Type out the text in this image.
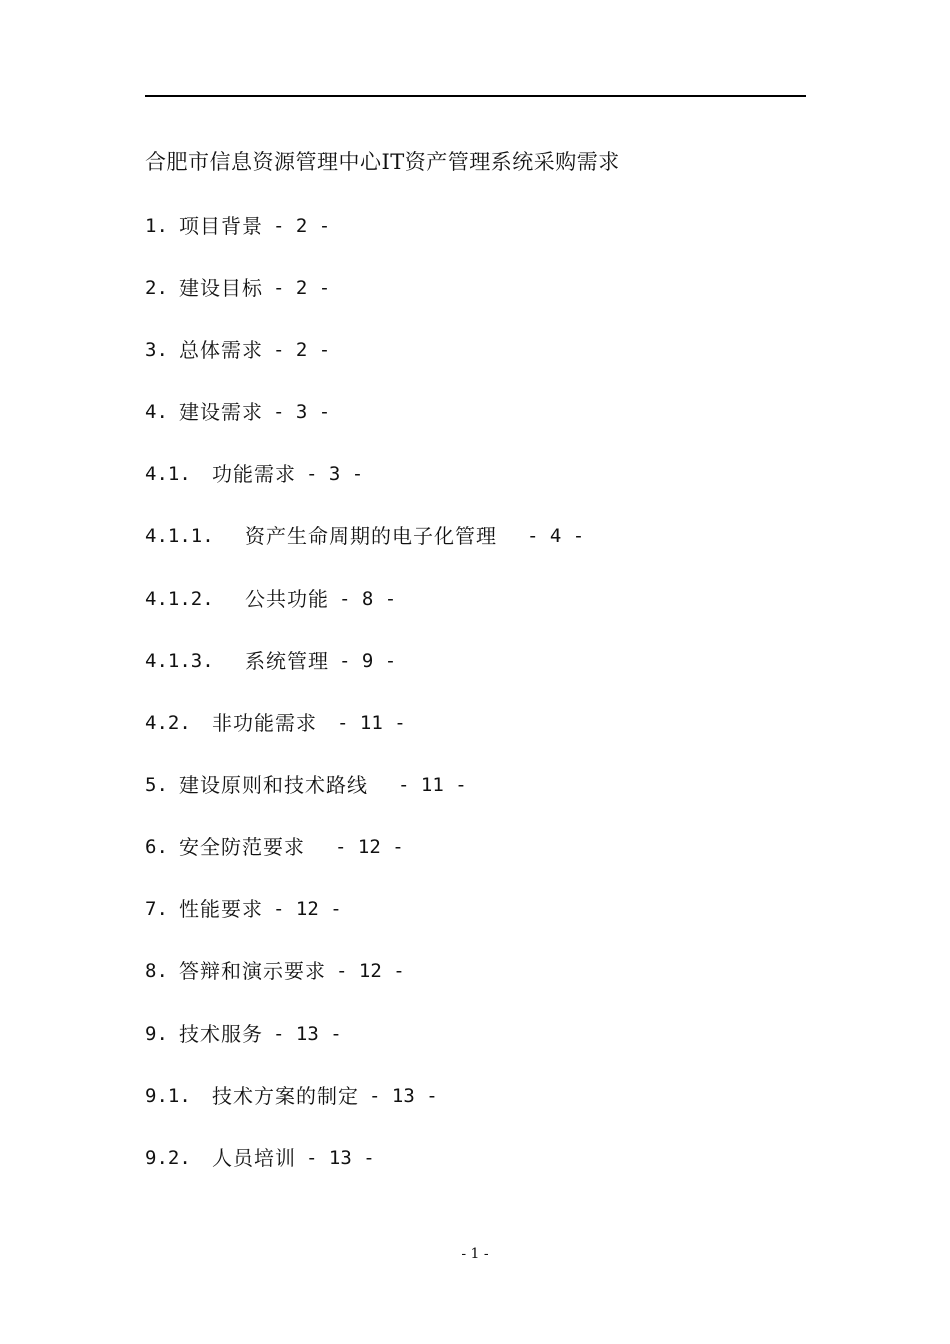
合肥市信息资源管理中心IT资产管理系统采购需求
1. 项目背景 - 2 -
2. 建设目标 - 2 -
3. 总体需求 - 2 -
4. 建设需求 - 3 -
4.1. 功能需求 - 3 -
4.1.1. 资产生命周期的电子化管理 - 4 -
4.1.2. 公共功能 - 8 -
4.1.3. 系统管理 - 9 -
4.2. 非功能需求 - 11 -
5. 建设原则和技术路线 - 11 -
6. 安全防范要求 - 12 -
7. 性能要求 - 12 -
8. 答辩和演示要求 - 12 -
9. 技术服务 - 13 -
9.1. 技术方案的制定 - 13 -
9.2. 人员培训 - 13 -
- 1 -
